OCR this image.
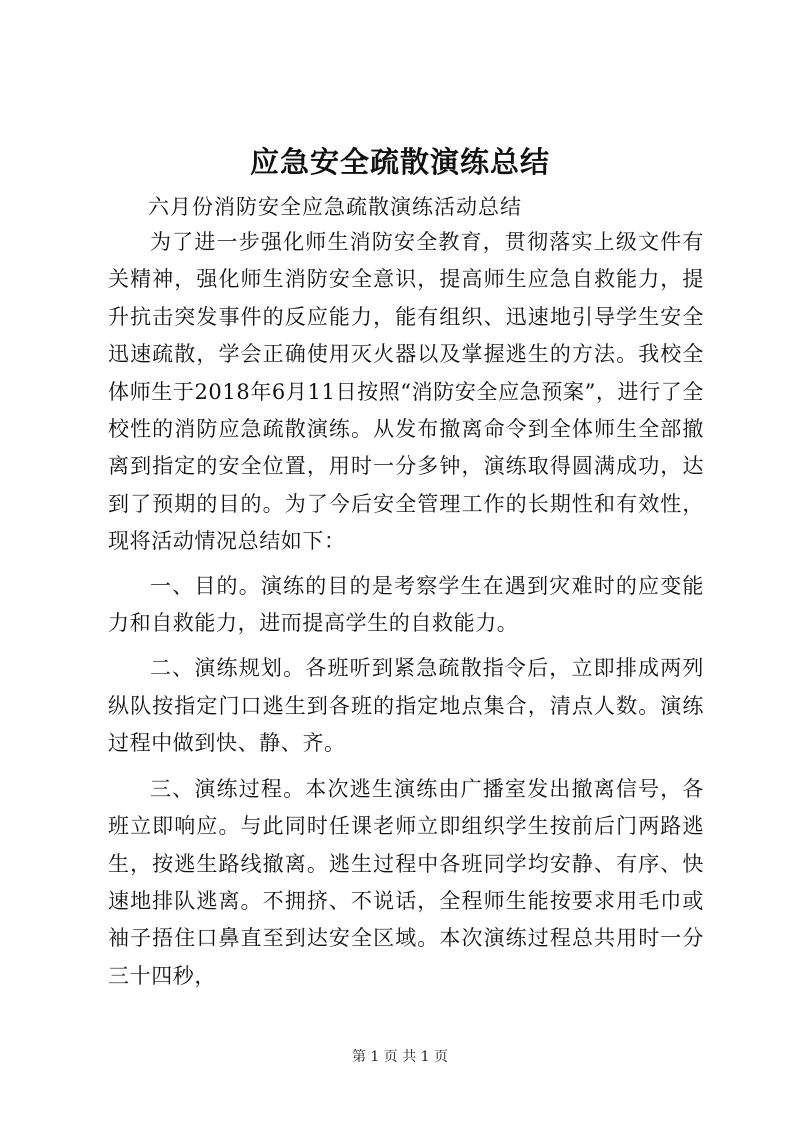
应急安全疏散演练总结
六月份消防安全应急疏散演练活动总结

为了进一步强化师生消防安全教育，贯彻落实上级文件有关精神，强化师生消防安全意识，提高师生应急自救能力，提升抗击突发事件的反应能力，能有组织、迅速地引导学生安全迅速疏散，学会正确使用灭火器以及掌握逃生的方法。我校全体师生于2018年6月11日按照“消防安全应急预案”，进行了全校性的消防应急疏散演练。从发布撤离命令到全体师生全部撤离到指定的安全位置，用时一分多钟，演练取得圆满成功，达到了预期的目的。为了今后安全管理工作的长期性和有效性，现将活动情况总结如下：

一、目的。演练的目的是考察学生在遇到灾难时的应变能力和自救能力，进而提高学生的自救能力。

二、演练规划。各班听到紧急疏散指令后，立即排成两列纵队按指定门口逃生到各班的指定地点集合，清点人数。演练过程中做到快、静、齐。

三、演练过程。本次逃生演练由广播室发出撤离信号，各班立即响应。与此同时任课老师立即组织学生按前后门两路逃生，按逃生路线撤离。逃生过程中各班同学均安静、有序、快速地排队逃离。不拥挤、不说话，全程师生能按要求用毛巾或袖子捂住口鼻直至到达安全区域。本次演练过程总共用时一分三十四秒，

第 1 页 共 1 页
